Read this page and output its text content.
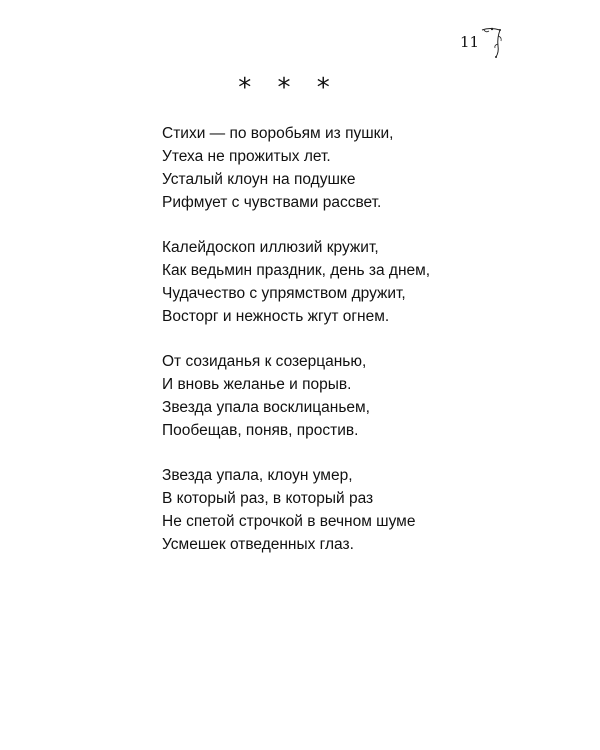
11
* * *
Стихи — по воробьям из пушки,
Утеха не прожитых лет.
Усталый клоун на подушке
Рифмует с чувствами рассвет.
Калейдоскоп иллюзий кружит,
Как ведьмин праздник, день за днем,
Чудачество с упрямством дружит,
Восторг и нежность жгут огнем.
От созиданья к созерцанью,
И вновь желанье и порыв.
Звезда упала восклицаньем,
Пообещав, поняв, простив.
Звезда упала, клоун умер,
В который раз, в который раз
Не спетой строчкой в вечном шуме
Усмешек отведенных глаз.
